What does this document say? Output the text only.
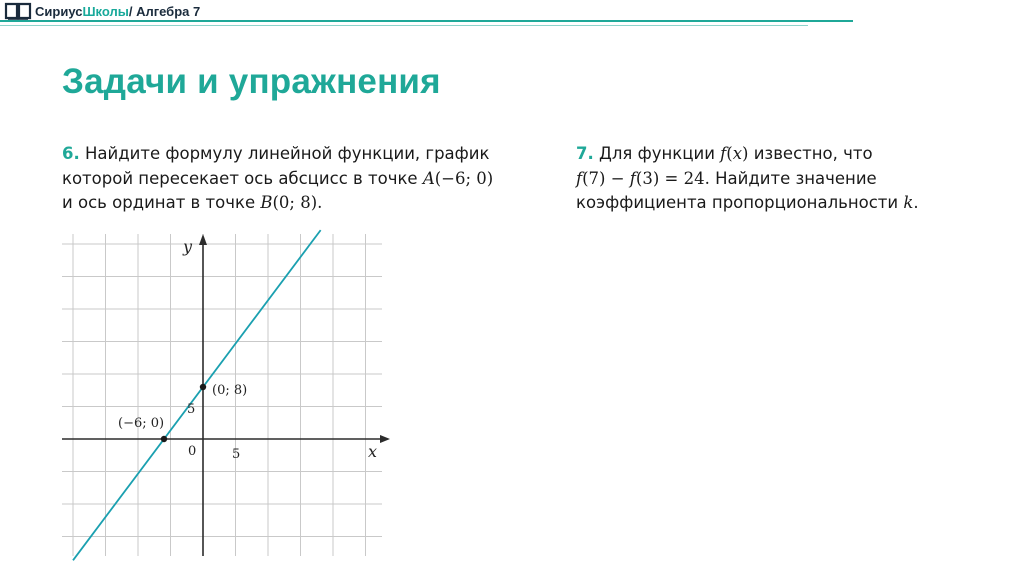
СириусШколы/ Алгебра 7
Задачи и упражнения
6. Найдите формулу линейной функции, график
которой пересекает ось абсцисс в точке A(−6; 0)
и ось ординат в точке B(0; 8).
7. Для функции f(x) известно, что
f(7) − f(3) = 24. Найдите значение
коэффициента пропорциональности k.
x
y
0	5
5
(−6; 0)
(0; 8)
